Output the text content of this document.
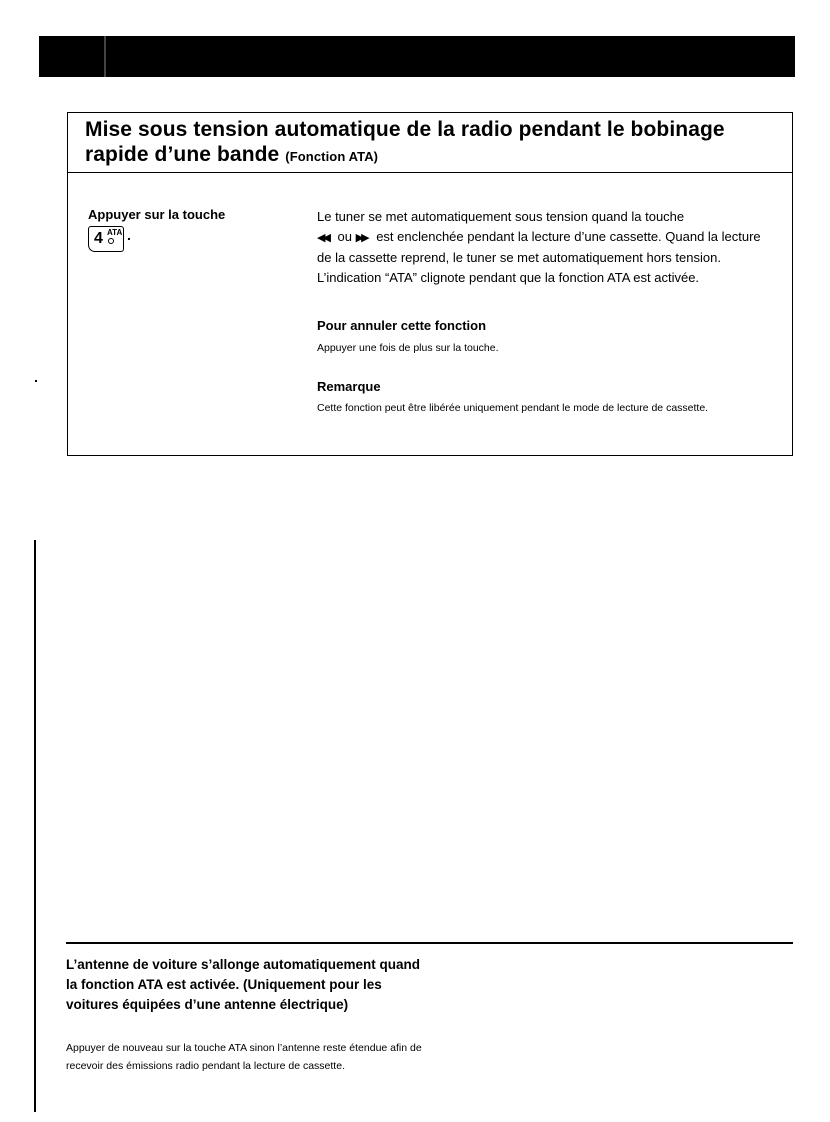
Mise sous tension automatique de la radio pendant le bobinage rapide d’une bande (Fonction ATA)

Appuyer sur la touche

4 ATA .

Le tuner se met automatiquement sous tension quand la touche
◀◀ ou ▶▶ est enclenchée pendant la lecture d’une cassette. Quand la lecture de la cassette reprend, le tuner se met automatiquement hors tension. L’indication “ATA” clignote pendant que la fonction ATA est activée.

Pour annuler cette fonction

Appuyer une fois de plus sur la touche.

Remarque

Cette fonction peut être libérée uniquement pendant le mode de lecture de cassette.

L’antenne de voiture s’allonge automatiquement quand la fonction ATA est activée. (Uniquement pour les voitures équipées d’une antenne électrique)

Appuyer de nouveau sur la touche ATA sinon l’antenne reste étendue afin de recevoir des émissions radio pendant la lecture de cassette.
